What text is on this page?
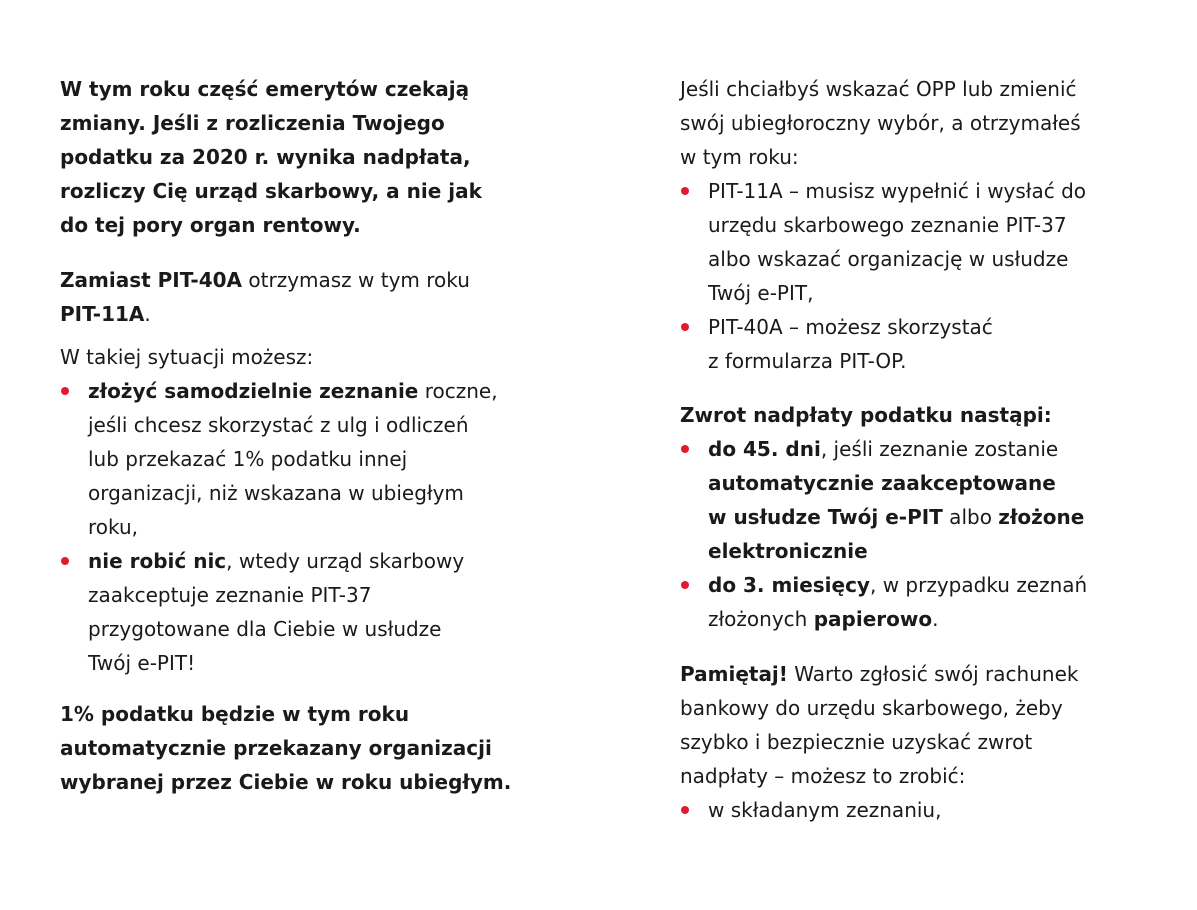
W tym roku część emerytów czekają

zmiany. Jeśli z rozliczenia Twojego

podatku za 2020 r. wynika nadpłata,

rozliczy Cię urząd skarbowy, a nie jak

do tej pory organ rentowy.

Zamiast PIT-40A otrzymasz w tym roku

PIT-11A.

W takiej sytuacji możesz:

złożyć samodzielnie zeznanie roczne,

jeśli chcesz skorzystać z ulg i odliczeń

lub przekazać 1% podatku innej

organizacji, niż wskazana w ubiegłym

roku,

nie robić nic, wtedy urząd skarbowy

zaakceptuje zeznanie PIT-37

przygotowane dla Ciebie w usłudze

Twój e-PIT!

1% podatku będzie w tym roku

automatycznie przekazany organizacji

wybranej przez Ciebie w roku ubiegłym.

Jeśli chciałbyś wskazać OPP lub zmienić

swój ubiegłoroczny wybór, a otrzymałeś

w tym roku:

PIT-11A – musisz wypełnić i wysłać do

urzędu skarbowego zeznanie PIT-37

albo wskazać organizację w usłudze

Twój e-PIT,

PIT-40A – możesz skorzystać

z formularza PIT-OP.

Zwrot nadpłaty podatku nastąpi:

do 45. dni, jeśli zeznanie zostanie

automatycznie zaakceptowane

w usłudze Twój e-PIT albo złożone

elektronicznie

do 3. miesięcy, w przypadku zeznań

złożonych papierowo.

Pamiętaj! Warto zgłosić swój rachunek

bankowy do urzędu skarbowego, żeby

szybko i bezpiecznie uzyskać zwrot

nadpłaty – możesz to zrobić:

w składanym zeznaniu,
